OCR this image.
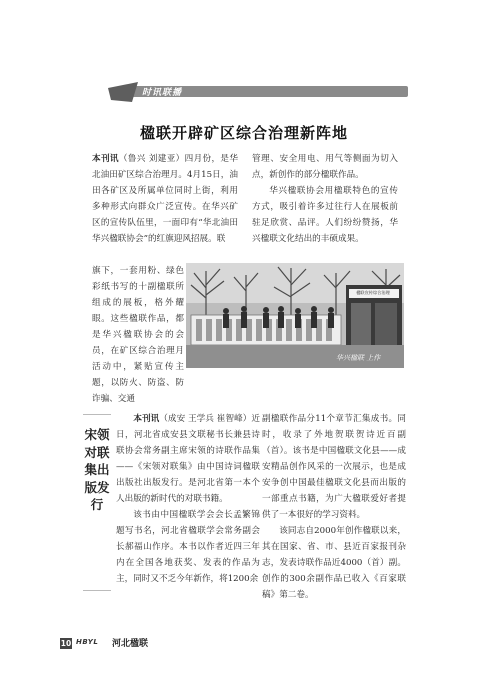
时讯联播
楹联开辟矿区综合治理新阵地

本刊讯（鲁兴 刘建亚）四月份，是华北油田矿区综合治理月。4月15日，油田各矿区及所属单位同时上街，利用多种形式向群众广泛宣传。在华兴矿区的宣传队伍里，一面印有“华北油田华兴楹联协会”的红旗迎风招展。联

旗下，一套用粉、绿色彩纸书写的十副楹联所组成的展板，格外耀眼。这些楹联作品，都是华兴楹联协会的会员，在矿区综合治理月活动中，紧贴宣传主题，以防火、防盗、防诈骗、交通

管理、安全用电、用气等侧面为切入点，新创作的部分楹联作品。

华兴楹联协会用楹联特色的宣传方式，吸引着许多过往行人在展板前驻足欣赏、品评。人们纷纷赞扬，华兴楹联文化结出的丰硕成果。

楹联宣传综合治理
华兴楹联 上作
宋领对联集出版发行

　　本刊讯（成安 王学兵 崔智峰）近日，河北省成安县文联秘书长兼县诗联协会常务副主席宋领的诗联作品集——《宋领对联集》由中国诗词楹联出版社出版发行。是河北省第一本个人出版的新时代的对联书籍。

该书由中国楹联学会会长孟繁锦题写书名，河北省楹联学会常务副会长郝福山作序。本书以作者近四三年内在全国各地获奖、发表的作品为主，同时又不乏今年新作，将1200余

副楹联作品分11个章节汇集成书。同时，收录了外地贺联贺诗近百副（首）。该书是中国楹联文化县——成安精品创作风采的一次展示，也是成安争创中国最佳楹联文化县而出版的一部重点书籍，为广大楹联爱好者提供了一本很好的学习资料。

该同志自2000年创作楹联以来，其在国家、省、市、县近百家报刊杂志，发表诗联作品近4000（首）副。创作的300余副作品已收入《百家联稿》第二卷。

10 HBYL 河北楹联
